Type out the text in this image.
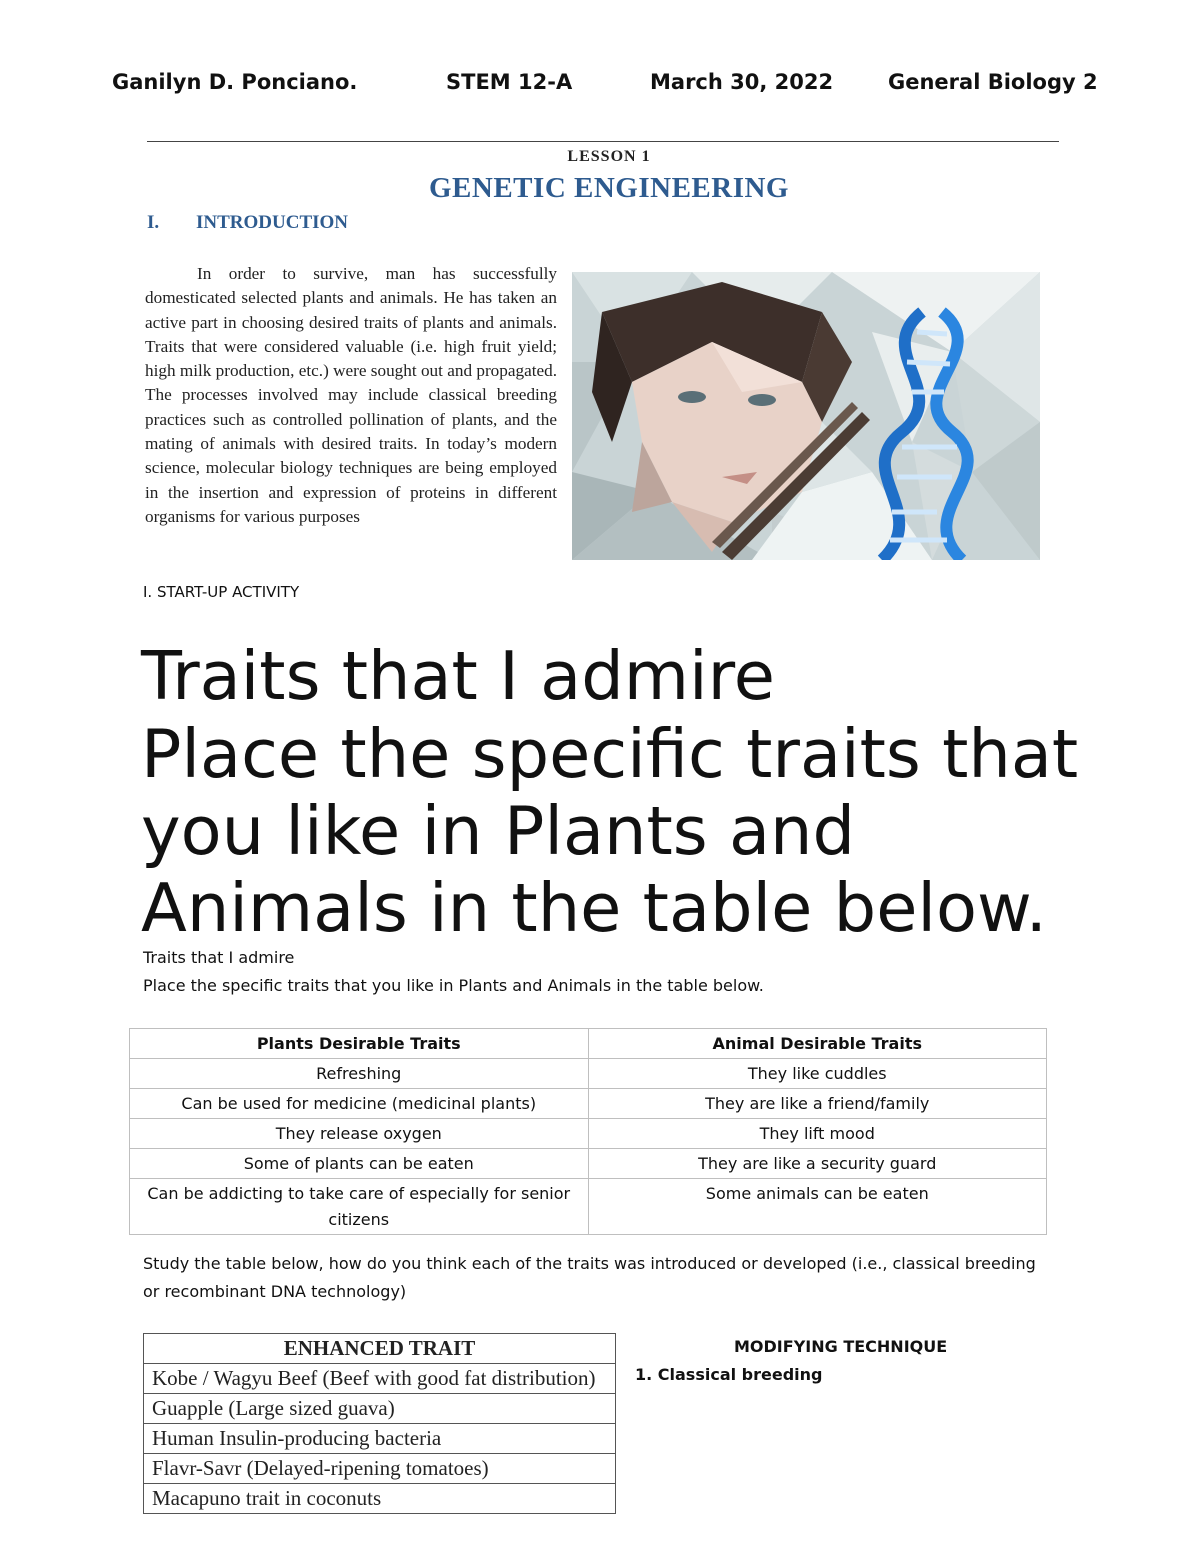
Ganilyn D. Ponciano.	STEM 12-A	March 30, 2022	General Biology 2
LESSON 1
GENETIC ENGINEERING
I. INTRODUCTION
In order to survive, man has successfully domesticated selected plants and animals. He has taken an active part in choosing desired traits of plants and animals. Traits that were considered valuable (i.e. high fruit yield; high milk production, etc.) were sought out and propagated. The processes involved may include classical breeding practices such as controlled pollination of plants, and the mating of animals with desired traits. In today’s modern science, molecular biology techniques are being employed in the insertion and expression of proteins in different organisms for various purposes
I. START-UP ACTIVITY
Traits that I admire
Place the specific traits that
you like in Plants and
Animals in the table below.
Traits that I admire
Place the specific traits that you like in Plants and Animals in the table below.
Plants Desirable Traits	Animal Desirable Traits
Refreshing	They like cuddles
Can be used for medicine (medicinal plants)	They are like a friend/family
They release oxygen	They lift mood
Some of plants can be eaten	They are like a security guard
Can be addicting to take care of especially for senior citizens	Some animals can be eaten
Study the table below, how do you think each of the traits was introduced or developed (i.e., classical breeding or recombinant DNA technology)
ENHANCED TRAIT
Kobe / Wagyu Beef (Beef with good fat distribution)
Guapple (Large sized guava)
Human Insulin-producing bacteria
Flavr-Savr (Delayed-ripening tomatoes)
Macapuno trait in coconuts
MODIFYING TECHNIQUE
1. Classical breeding
